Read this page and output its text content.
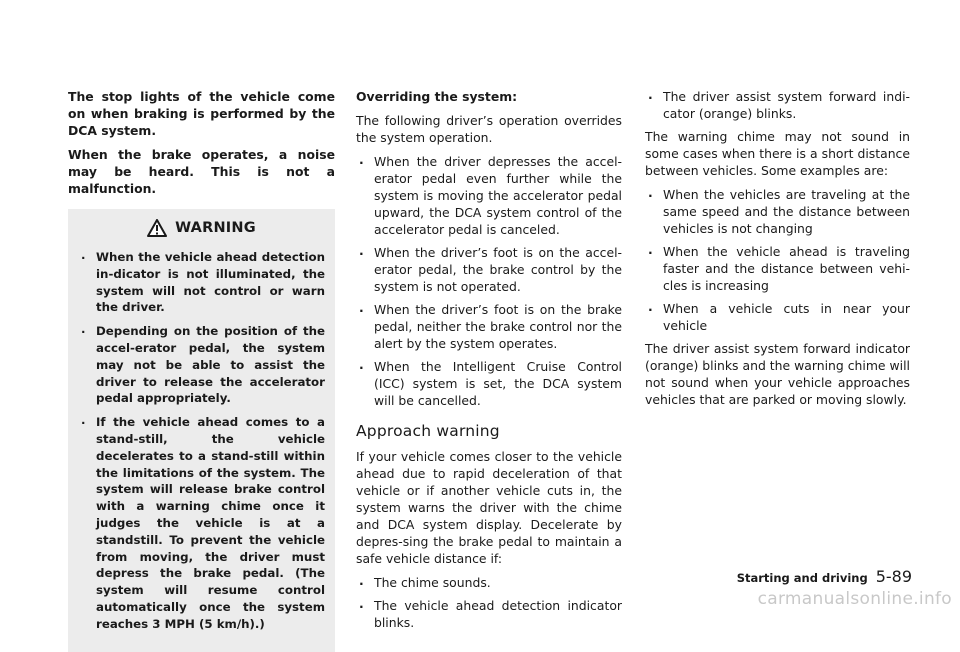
The stop lights of the vehicle come on when braking is performed by the DCA system.

When the brake operates, a noise may be heard. This is not a malfunction.

WARNING
. When the vehicle ahead detection in-dicator is not illuminated, the system will not control or warn the driver.
. Depending on the position of the accel-erator pedal, the system may not be able to assist the driver to release the accelerator pedal appropriately.
. If the vehicle ahead comes to a stand-still, the vehicle decelerates to a stand-still within the limitations of the system. The system will release brake control with a warning chime once it judges the vehicle is at a standstill. To prevent the vehicle from moving, the driver must depress the brake pedal. (The system will resume control automatically once the system reaches 3 MPH (5 km/h).)
Overriding the system:

The following driver’s operation overrides the system operation.

. When the driver depresses the accel-erator pedal even further while the system is moving the accelerator pedal upward, the DCA system control of the accelerator pedal is canceled.
. When the driver’s foot is on the accel-erator pedal, the brake control by the system is not operated.
. When the driver’s foot is on the brake pedal, neither the brake control nor the alert by the system operates.
. When the Intelligent Cruise Control (ICC) system is set, the DCA system will be cancelled.
Approach warning

If your vehicle comes closer to the vehicle ahead due to rapid deceleration of that vehicle or if another vehicle cuts in, the system warns the driver with the chime and DCA system display. Decelerate by depres-sing the brake pedal to maintain a safe vehicle distance if:

. The chime sounds.
. The vehicle ahead detection indicator blinks.
. The driver assist system forward indi-cator (orange) blinks.

The warning chime may not sound in some cases when there is a short distance between vehicles. Some examples are:

. When the vehicles are traveling at the same speed and the distance between vehicles is not changing
. When the vehicle ahead is traveling faster and the distance between vehi-cles is increasing
. When a vehicle cuts in near your vehicle

The driver assist system forward indicator (orange) blinks and the warning chime will not sound when your vehicle approaches vehicles that are parked or moving slowly.

Starting and driving 5-89
carmanualsonline.info
